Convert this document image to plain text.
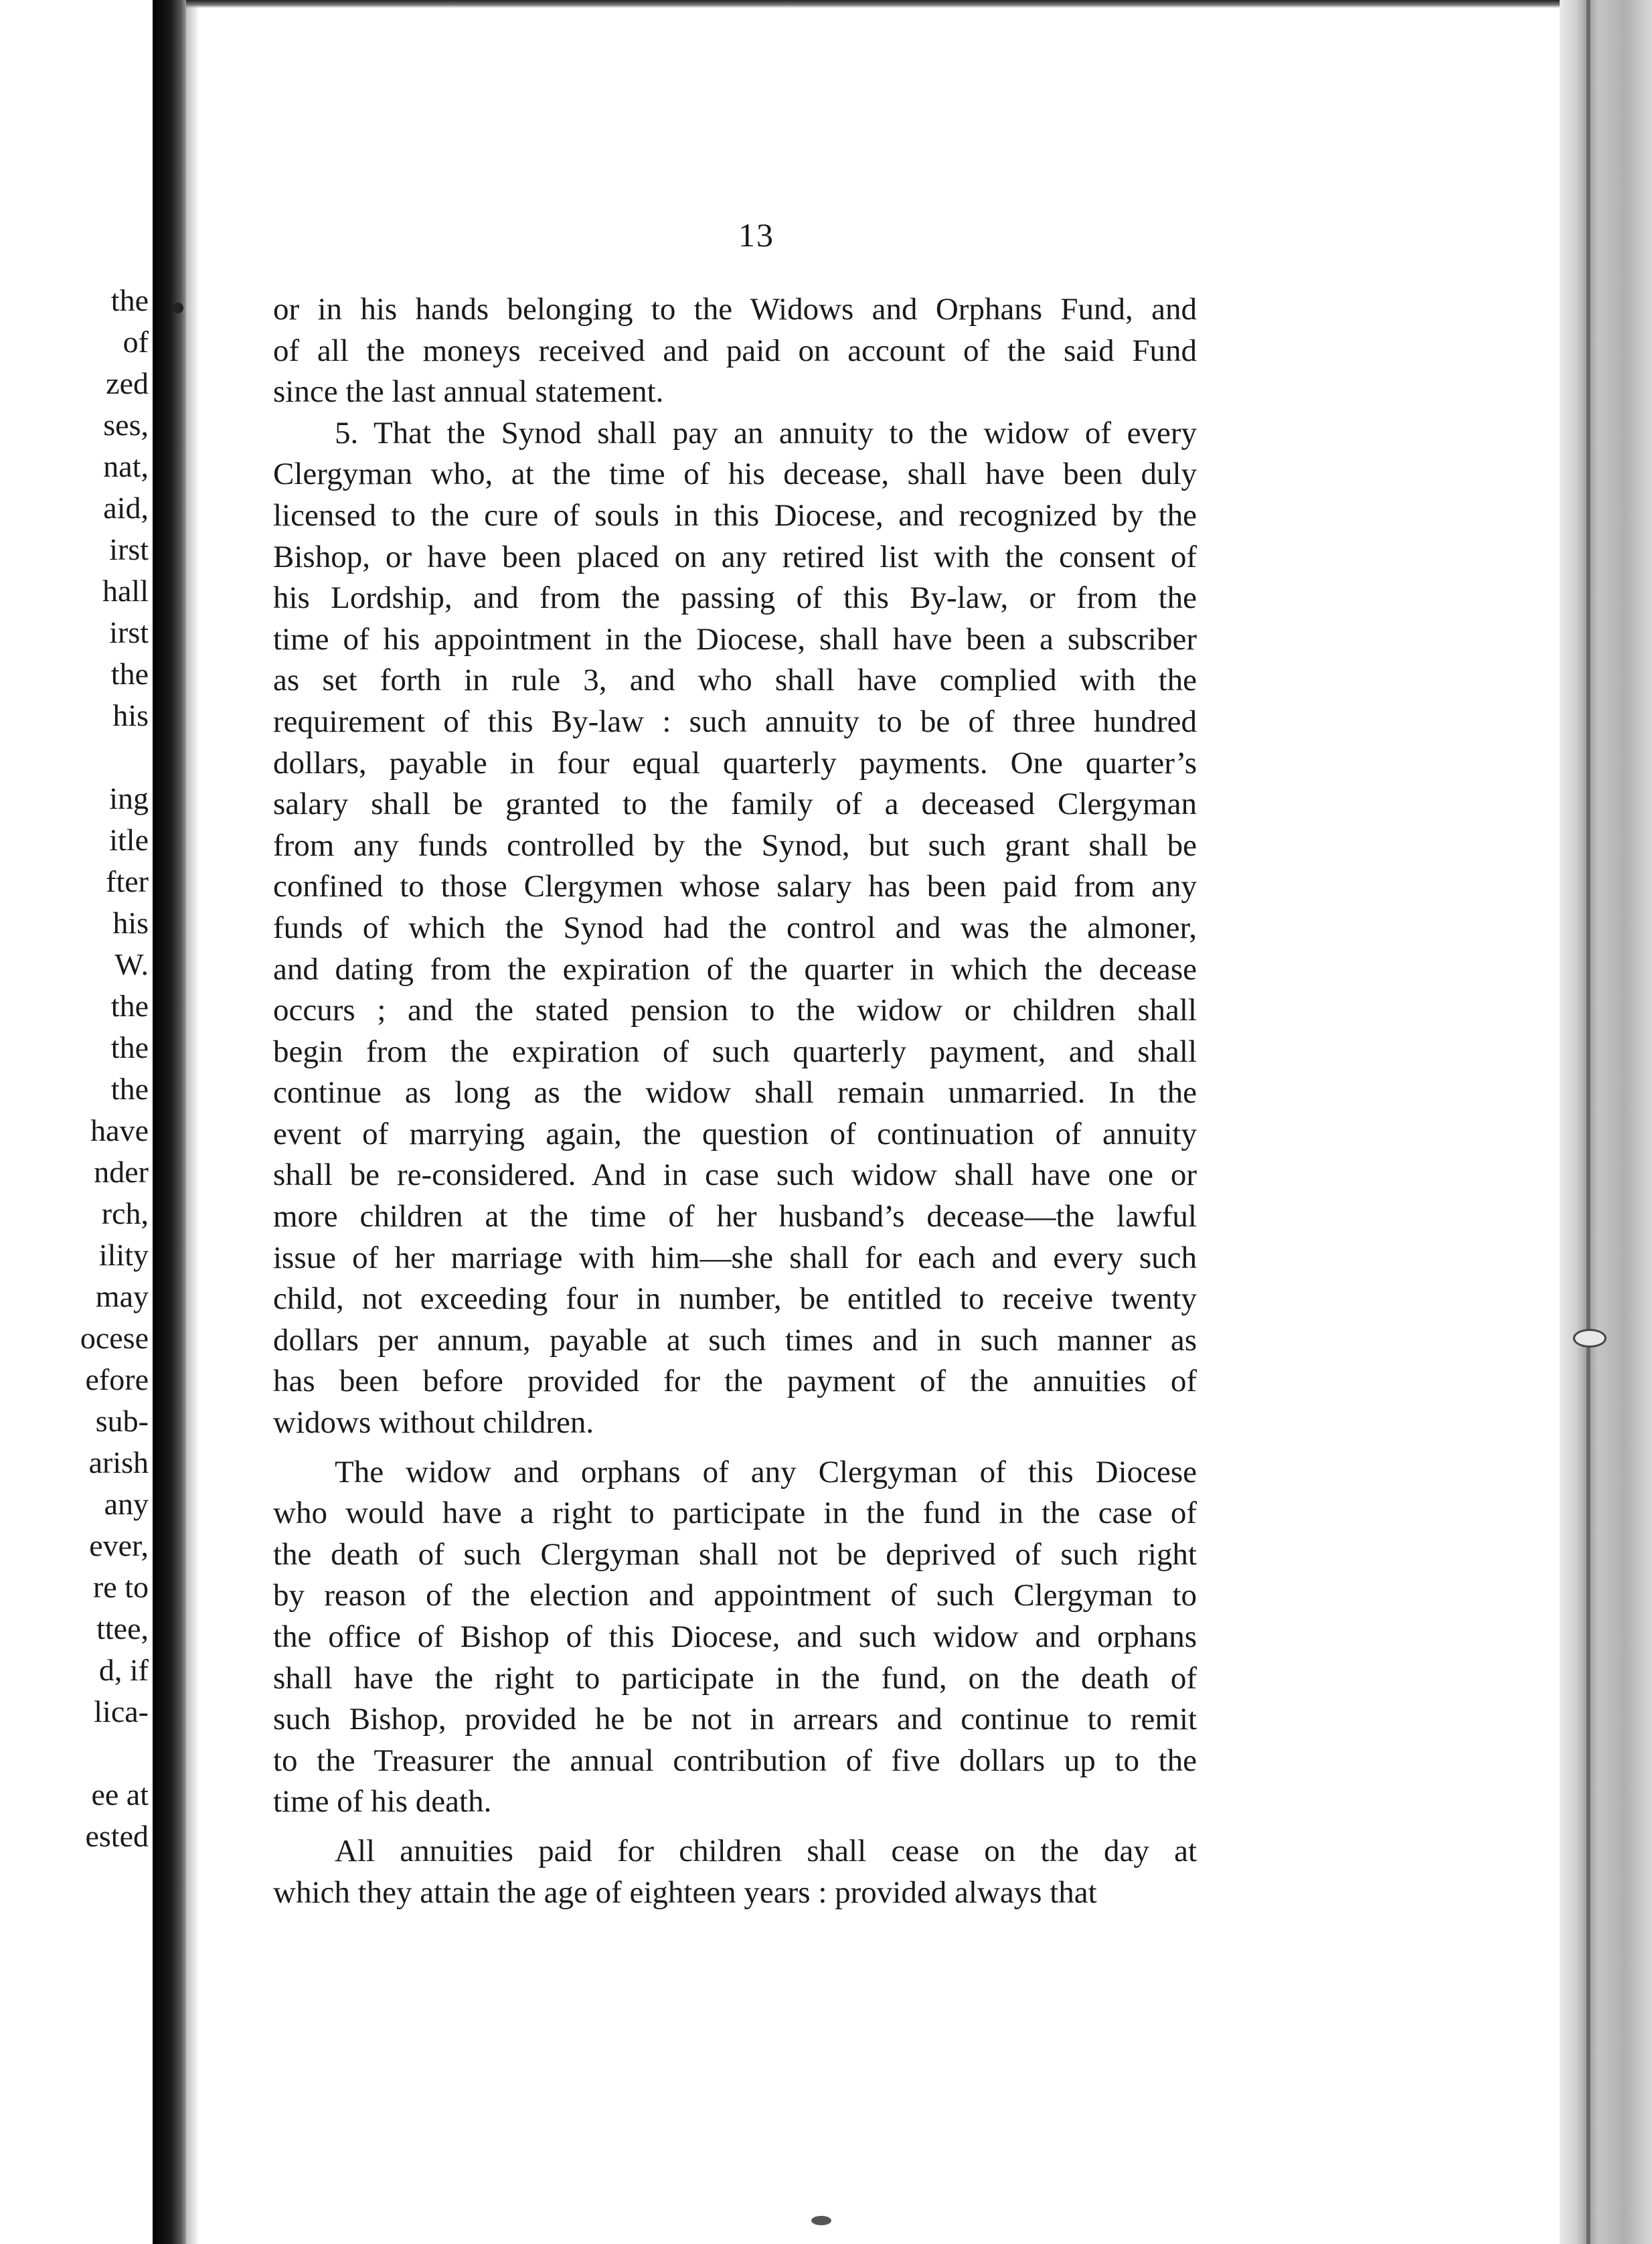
the
of
zed
ses,
nat,
aid,
irst
hall
irst
the
his

ing
itle
fter
his
W.
the
the
the
have
nder
rch,
ility
may
ocese
efore
sub-
arish
any
ever,
re to
ttee,
d, if
lica-

ee at
ested
13
or in his hands belonging to the Widows and Orphans Fund, and
of all the moneys received and paid on account of the said Fund
since the last annual statement.
5. That the Synod shall pay an annuity to the widow of every
Clergyman who, at the time of his decease, shall have been duly
licensed to the cure of souls in this Diocese, and recognized by the
Bishop, or have been placed on any retired list with the consent of
his Lordship, and from the passing of this By-law, or from the
time of his appointment in the Diocese, shall have been a subscriber
as set forth in rule 3, and who shall have complied with the
requirement of this By-law : such annuity to be of three hundred
dollars, payable in four equal quarterly payments. One quarter’s
salary shall be granted to the family of a deceased Clergyman
from any funds controlled by the Synod, but such grant shall be
confined to those Clergymen whose salary has been paid from any
funds of which the Synod had the control and was the almoner,
and dating from the expiration of the quarter in which the decease
occurs ; and the stated pension to the widow or children shall
begin from the expiration of such quarterly payment, and shall
continue as long as the widow shall remain unmarried. In the
event of marrying again, the question of continuation of annuity
shall be re-considered. And in case such widow shall have one or
more children at the time of her husband’s decease—the lawful
issue of her marriage with him—she shall for each and every such
child, not exceeding four in number, be entitled to receive twenty
dollars per annum, payable at such times and in such manner as
has been before provided for the payment of the annuities of
widows without children.
The widow and orphans of any Clergyman of this Diocese
who would have a right to participate in the fund in the case of
the death of such Clergyman shall not be deprived of such right
by reason of the election and appointment of such Clergyman to
the office of Bishop of this Diocese, and such widow and orphans
shall have the right to participate in the fund, on the death of
such Bishop, provided he be not in arrears and continue to remit
to the Treasurer the annual contribution of five dollars up to the
time of his death.
All annuities paid for children shall cease on the day at
which they attain the age of eighteen years : provided always that
